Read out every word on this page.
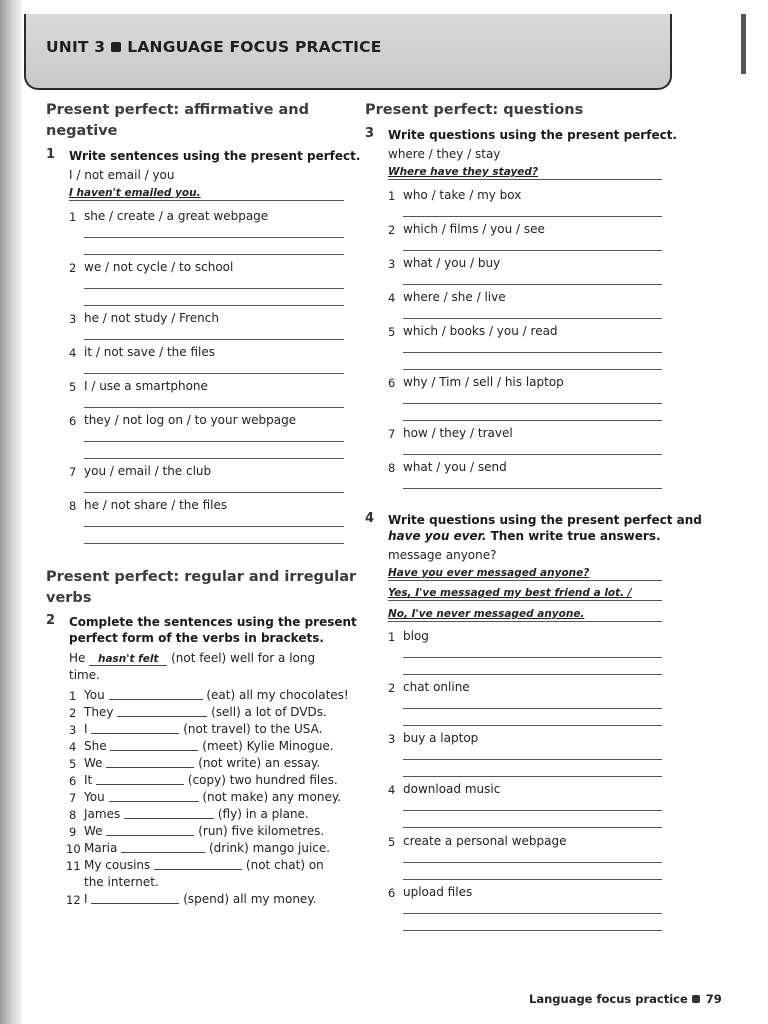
UNIT 3 LANGUAGE FOCUS PRACTICE
Present perfect: affirmative and
negative
1 Write sentences using the present perfect.
I / not email / you
I haven't emailed you.
1 she / create / a great webpage
2 we / not cycle / to school
3 he / not study / French
4 it / not save / the files
5 I / use a smartphone
6 they / not log on / to your webpage
7 you / email / the club
8 he / not share / the files
Present perfect: regular and irregular
verbs
2 Complete the sentences using the present
perfect form of the verbs in brackets.
He hasn't felt (not feel) well for a long
time.
1 You	(eat) all my chocolates!
2 They	(sell) a lot of DVDs.
3 I	(not travel) to the USA.
4 She	(meet) Kylie Minogue.
5 We	(not write) an essay.
6 It	(copy) two hundred files.
7 You	(not make) any money.
8 James	(fly) in a plane.
9 We	(run) five kilometres.
10 Maria	(drink) mango juice.
11 My cousins	(not chat) on
the internet.
12 I	(spend) all my money.
Present perfect: questions
3 Write questions using the present perfect.
where / they / stay
Where have they stayed?
1 who / take / my box
2 which / films / you / see
3 what / you / buy
4 where / she / live
5 which / books / you / read
6 why / Tim / sell / his laptop
7 how / they / travel
8 what / you / send
4 Write questions using the present perfect and
have you ever. Then write true answers.
message anyone?
Have you ever messaged anyone?
Yes, I've messaged my best friend a lot. /
No, I've never messaged anyone.
1 blog
2 chat online
3 buy a laptop
4 download music
5 create a personal webpage
6 upload files
Language focus practice 79
